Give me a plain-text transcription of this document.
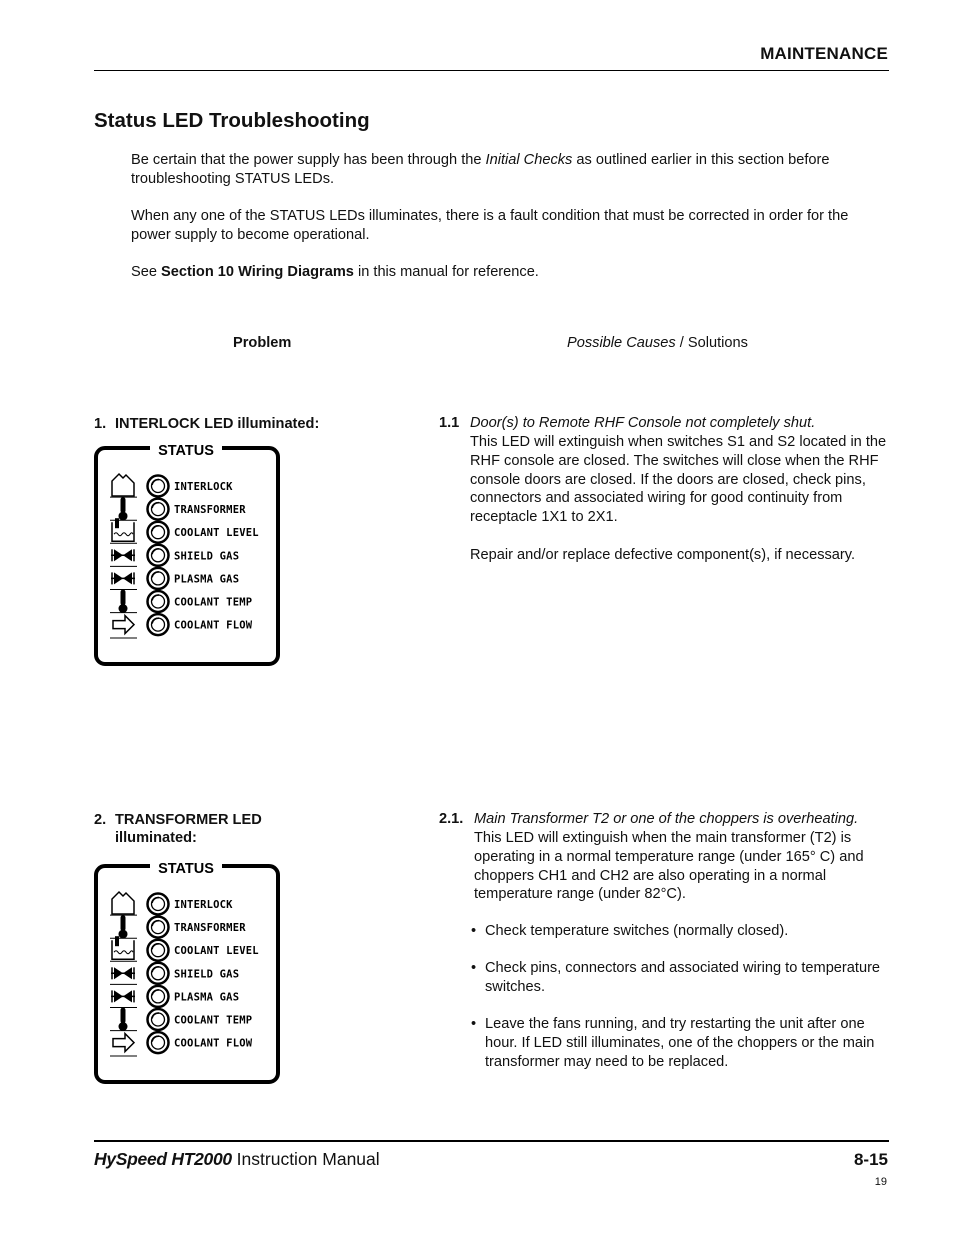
MAINTENANCE
Status LED Troubleshooting

Be certain that the power supply has been through the Initial Checks as outlined earlier in this section before troubleshooting STATUS LEDs.

When any one of the STATUS LEDs illuminates, there is a fault condition that must be corrected in order for the power supply to become operational.

See Section 10 Wiring Diagrams in this manual for reference.

Problem	Possible Causes / Solutions
1. INTERLOCK LED illuminated:
STATUS
INTERLOCK
TRANSFORMER
COOLANT LEVEL
SHIELD GAS
PLASMA GAS
COOLANT TEMP
COOLANT FLOW
1.1 Door(s) to Remote RHF Console not completely shut.

This LED will extinguish when switches S1 and S2 located in the RHF console are closed. The switches will close when the RHF console doors are closed. If the doors are closed, check pins, connectors and associated wiring for good continuity from receptacle 1X1 to 2X1.

Repair and/or replace defective component(s), if necessary.

2. TRANSFORMER LED
illuminated:
STATUS
INTERLOCK
TRANSFORMER
COOLANT LEVEL
SHIELD GAS
PLASMA GAS
COOLANT TEMP
COOLANT FLOW
2.1. Main Transformer T2 or one of the choppers is overheating.

This LED will extinguish when the main transformer (T2) is operating in a normal temperature range (under 165° C) and choppers CH1 and CH2 are also operating in a normal temperature range (under 82°C).

• Check temperature switches (normally closed).
• Check pins, connectors and associated wiring to temperature switches.
• Leave the fans running, and try restarting the unit after one hour. If LED still illuminates, one of the choppers or the main transformer may need to be replaced.
HySpeed HT2000 Instruction Manual	8-15
19
